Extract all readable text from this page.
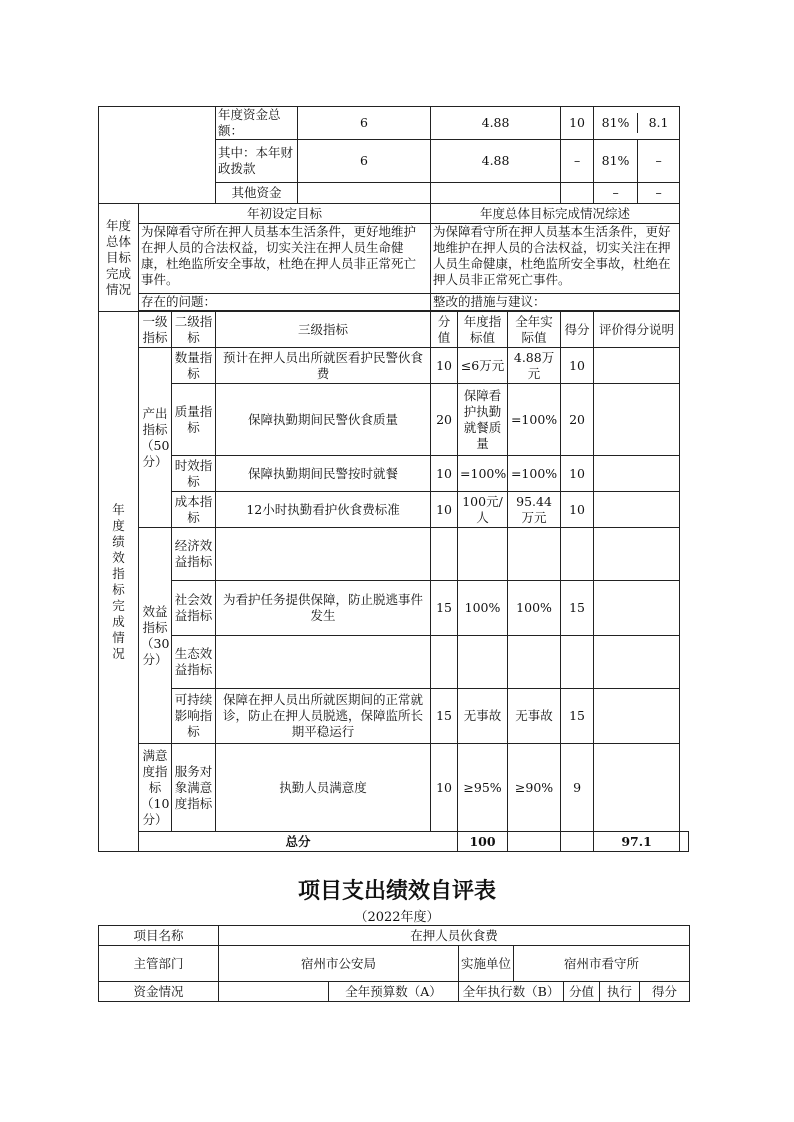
			年度资金总额：	6	4.88			10	81% 8.1	

			其中：本年财政拨款	6	4.88			–	81% –	

			其他资金						– –	

年度总体目标完成情况	年初设定目标				年度总体目标完成情况综述					
	为保障看守所在押人员基本生活条件，更好地维护在押人员的合法权益，切实关注在押人员生命健康，杜绝监所安全事故，杜绝在押人员非正常死亡事件。				为保障看守所在押人员基本生活条件，更好地维护在押人员的合法权益，切实关注在押人员生命健康，杜绝监所安全事故，杜绝在押人员非正常死亡事件。					
	存在的问题：				整改的措施与建议：					

年度绩效指标完成情况	一级指标	二级指标	三级指标		分值	年度指标值	全年实际值	得分	评价得分说明	
	产出指标（50分）	数量指标	预计在押人员出所就医看护民警伙食费		10	≤6万元	4.88万元	10		
		质量指标	保障执勤期间民警伙食质量		20	保障看护执勤就餐质量	=100%	20		
		时效指标	保障执勤期间民警按时就餐		10	=100%	=100%	10		
		成本指标	12小时执勤看护伙食费标准		10	100元/人	95.44万元	10		
	效益指标（30分）	经济效益指标								
		社会效益指标	为看护任务提供保障，防止脱逃事件发生		15	100%	100%	15		
		生态效益指标								
		可持续影响指标	保障在押人员出所就医期间的正常就诊，防止在押人员脱逃，保障监所长期平稳运行		15	无事故	无事故	15		
	满意度指标（10分）	服务对象满意度指标	执勤人员满意度		10	≥95%	≥90%	9		
	总分					100			97.1	
项目支出绩效自评表
（2022年度）
项目名称	在押人员伙食费						
主管部门	宿州市公安局		实施单位	宿州市看守所			
资金情况		全年预算数（A）	全年执行数（B）		分值	执行	得分
